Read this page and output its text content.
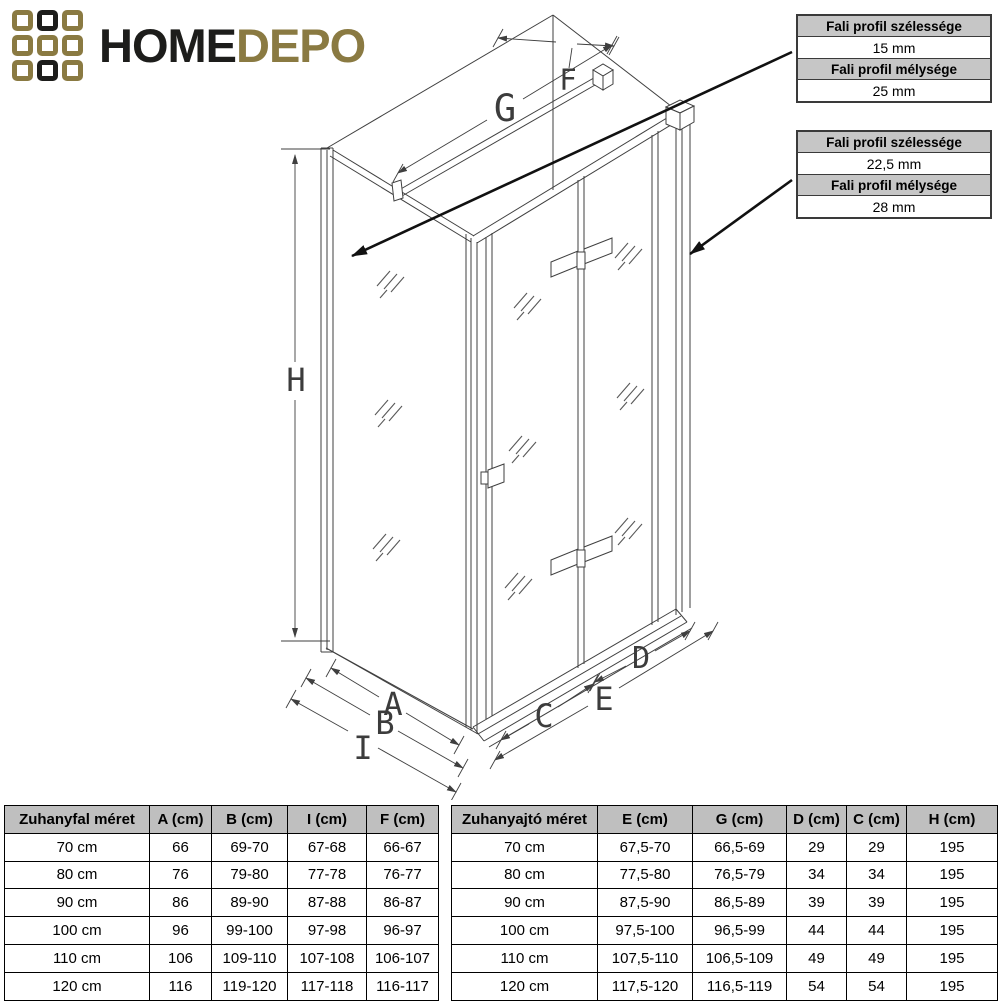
HOMEDEPO	Fali profil szélessége
15 mm
Fali profil mélysége
25 mm
Fali profil szélessége
22,5 mm
Fali profil mélysége
28 mm
G
F
H
A
B
I
C
D
E
Zuhanyfal méret	A (cm)	B (cm)	I (cm)	F (cm)
70 cm	66	69-70	67-68	66-67
80 cm	76	79-80	77-78	76-77
90 cm	86	89-90	87-88	86-87
100 cm	96	99-100	97-98	96-97
110 cm	106	109-110	107-108	106-107
120 cm	116	119-120	117-118	116-117
Zuhanyajtó méret	E (cm)	G (cm)	D (cm)	C (cm)	H (cm)
70 cm	67,5-70	66,5-69	29	29	195
80 cm	77,5-80	76,5-79	34	34	195
90 cm	87,5-90	86,5-89	39	39	195
100 cm	97,5-100	96,5-99	44	44	195
110 cm	107,5-110	106,5-109	49	49	195
120 cm	117,5-120	116,5-119	54	54	195
